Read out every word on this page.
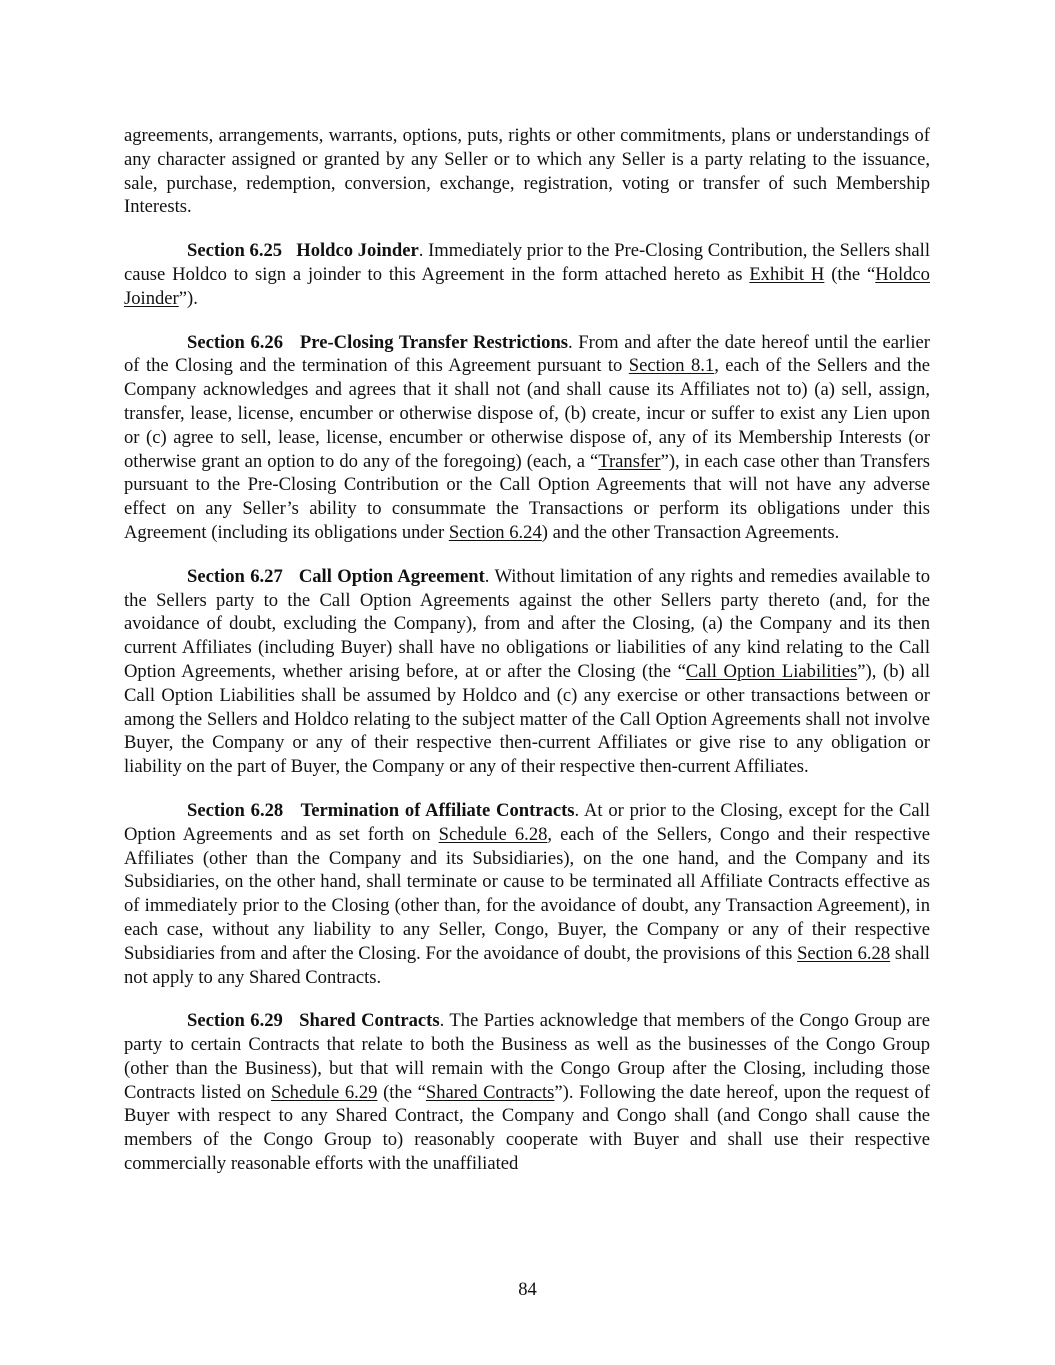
agreements, arrangements, warrants, options, puts, rights or other commitments, plans or understandings of any character assigned or granted by any Seller or to which any Seller is a party relating to the issuance, sale, purchase, redemption, conversion, exchange, registration, voting or transfer of such Membership Interests.

Section 6.25 Holdco Joinder. Immediately prior to the Pre-Closing Contribution, the Sellers shall cause Holdco to sign a joinder to this Agreement in the form attached hereto as Exhibit H (the “Holdco Joinder”).

Section 6.26 Pre-Closing Transfer Restrictions. From and after the date hereof until the earlier of the Closing and the termination of this Agreement pursuant to Section 8.1, each of the Sellers and the Company acknowledges and agrees that it shall not (and shall cause its Affiliates not to) (a) sell, assign, transfer, lease, license, encumber or otherwise dispose of, (b) create, incur or suffer to exist any Lien upon or (c) agree to sell, lease, license, encumber or otherwise dispose of, any of its Membership Interests (or otherwise grant an option to do any of the foregoing) (each, a “Transfer”), in each case other than Transfers pursuant to the Pre-Closing Contribution or the Call Option Agreements that will not have any adverse effect on any Seller’s ability to consummate the Transactions or perform its obligations under this Agreement (including its obligations under Section 6.24) and the other Transaction Agreements.

Section 6.27 Call Option Agreement. Without limitation of any rights and remedies available to the Sellers party to the Call Option Agreements against the other Sellers party thereto (and, for the avoidance of doubt, excluding the Company), from and after the Closing, (a) the Company and its then current Affiliates (including Buyer) shall have no obligations or liabilities of any kind relating to the Call Option Agreements, whether arising before, at or after the Closing (the “Call Option Liabilities”), (b) all Call Option Liabilities shall be assumed by Holdco and (c) any exercise or other transactions between or among the Sellers and Holdco relating to the subject matter of the Call Option Agreements shall not involve Buyer, the Company or any of their respective then-current Affiliates or give rise to any obligation or liability on the part of Buyer, the Company or any of their respective then-current Affiliates.

Section 6.28 Termination of Affiliate Contracts. At or prior to the Closing, except for the Call Option Agreements and as set forth on Schedule 6.28, each of the Sellers, Congo and their respective Affiliates (other than the Company and its Subsidiaries), on the one hand, and the Company and its Subsidiaries, on the other hand, shall terminate or cause to be terminated all Affiliate Contracts effective as of immediately prior to the Closing (other than, for the avoidance of doubt, any Transaction Agreement), in each case, without any liability to any Seller, Congo, Buyer, the Company or any of their respective Subsidiaries from and after the Closing. For the avoidance of doubt, the provisions of this Section 6.28 shall not apply to any Shared Contracts.

Section 6.29 Shared Contracts. The Parties acknowledge that members of the Congo Group are party to certain Contracts that relate to both the Business as well as the businesses of the Congo Group (other than the Business), but that will remain with the Congo Group after the Closing, including those Contracts listed on Schedule 6.29 (the “Shared Contracts”). Following the date hereof, upon the request of Buyer with respect to any Shared Contract, the Company and Congo shall (and Congo shall cause the members of the Congo Group to) reasonably cooperate with Buyer and shall use their respective commercially reasonable efforts with the unaffiliated

84
